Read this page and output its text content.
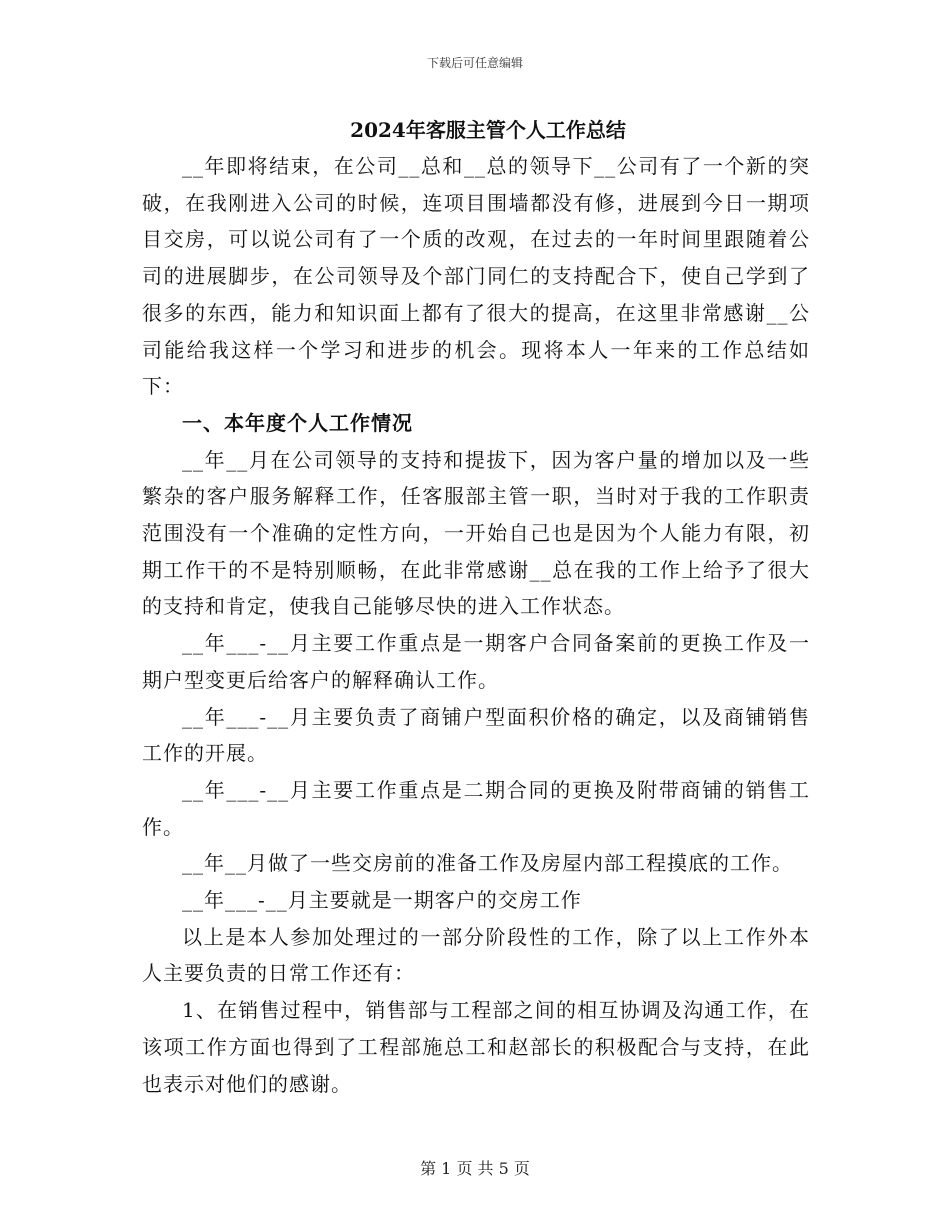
下载后可任意编辑
2024年客服主管个人工作总结

__年即将结束，在公司__总和__总的领导下__公司有了一个新的突破，在我刚进入公司的时候，连项目围墙都没有修，进展到今日一期项目交房，可以说公司有了一个质的改观，在过去的一年时间里跟随着公司的进展脚步，在公司领导及个部门同仁的支持配合下，使自己学到了很多的东西，能力和知识面上都有了很大的提高，在这里非常感谢__公司能给我这样一个学习和进步的机会。现将本人一年来的工作总结如下：

一、本年度个人工作情况

__年__月在公司领导的支持和提拔下，因为客户量的增加以及一些繁杂的客户服务解释工作，任客服部主管一职，当时对于我的工作职责范围没有一个准确的定性方向，一开始自己也是因为个人能力有限，初期工作干的不是特别顺畅，在此非常感谢__总在我的工作上给予了很大的支持和肯定，使我自己能够尽快的进入工作状态。

__年___-__月主要工作重点是一期客户合同备案前的更换工作及一期户型变更后给客户的解释确认工作。

__年___-__月主要负责了商铺户型面积价格的确定，以及商铺销售工作的开展。

__年___-__月主要工作重点是二期合同的更换及附带商铺的销售工作。

__年__月做了一些交房前的准备工作及房屋内部工程摸底的工作。

__年___-__月主要就是一期客户的交房工作

以上是本人参加处理过的一部分阶段性的工作，除了以上工作外本人主要负责的日常工作还有：

1、在销售过程中，销售部与工程部之间的相互协调及沟通工作，在该项工作方面也得到了工程部施总工和赵部长的积极配合与支持，在此也表示对他们的感谢。

第 1 页 共 5 页
